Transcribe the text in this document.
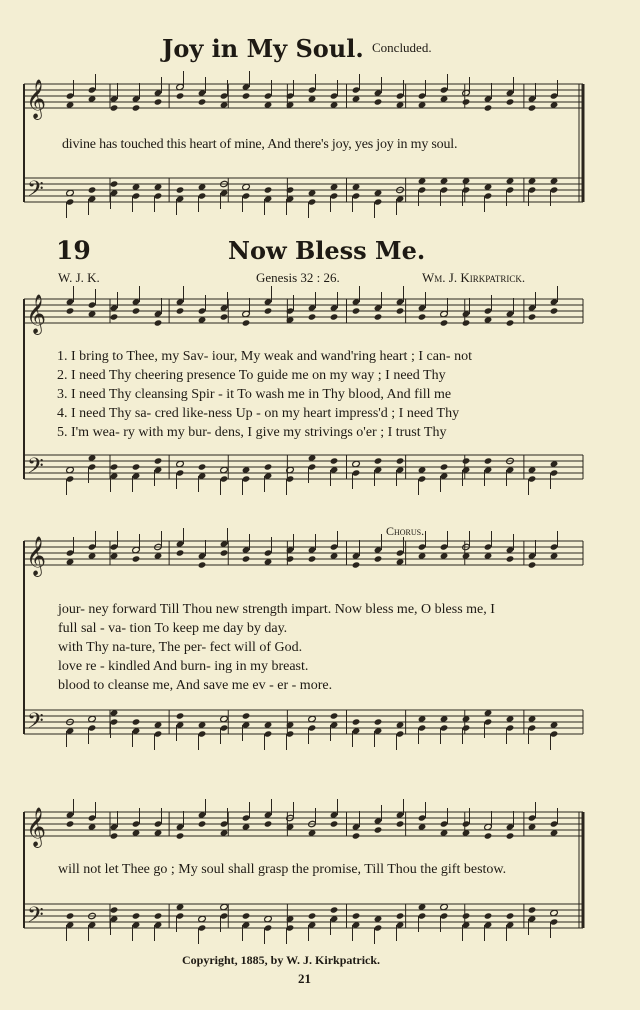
Joy in My Soul. Concluded.
𝄞
𝄢
𝄞
𝄢
𝄞
𝄢
𝄞
𝄢
divine has touched this heart of mine, And there's joy, yes joy in my soul.
19	Now Bless Me.
W. J. K.	Genesis 32 : 26.	Wm. J. Kirkpatrick.
1. I bring to Thee, my Sav- iour, My weak and wand'ring heart ; I can- not
2. I need Thy cheering presence To guide me on my way ; I need Thy
3. I need Thy cleansing Spir - it To wash me in Thy blood, And fill me
4. I need Thy sa- cred like-ness Up - on my heart impress'd ; I need Thy
5. I'm wea- ry with my bur- dens, I give my strivings o'er ; I trust Thy
Chorus.
jour- ney forward Till Thou new strength impart. Now bless me, O bless me, I
full sal - va- tion To keep me day by day.
with Thy na-ture, The per- fect will of God.
love re - kindled And burn- ing in my breast.
blood to cleanse me, And save me ev - er - more.
will not let Thee go ; My soul shall grasp the promise, Till Thou the gift bestow.
Copyright, 1885, by W. J. Kirkpatrick.
21
